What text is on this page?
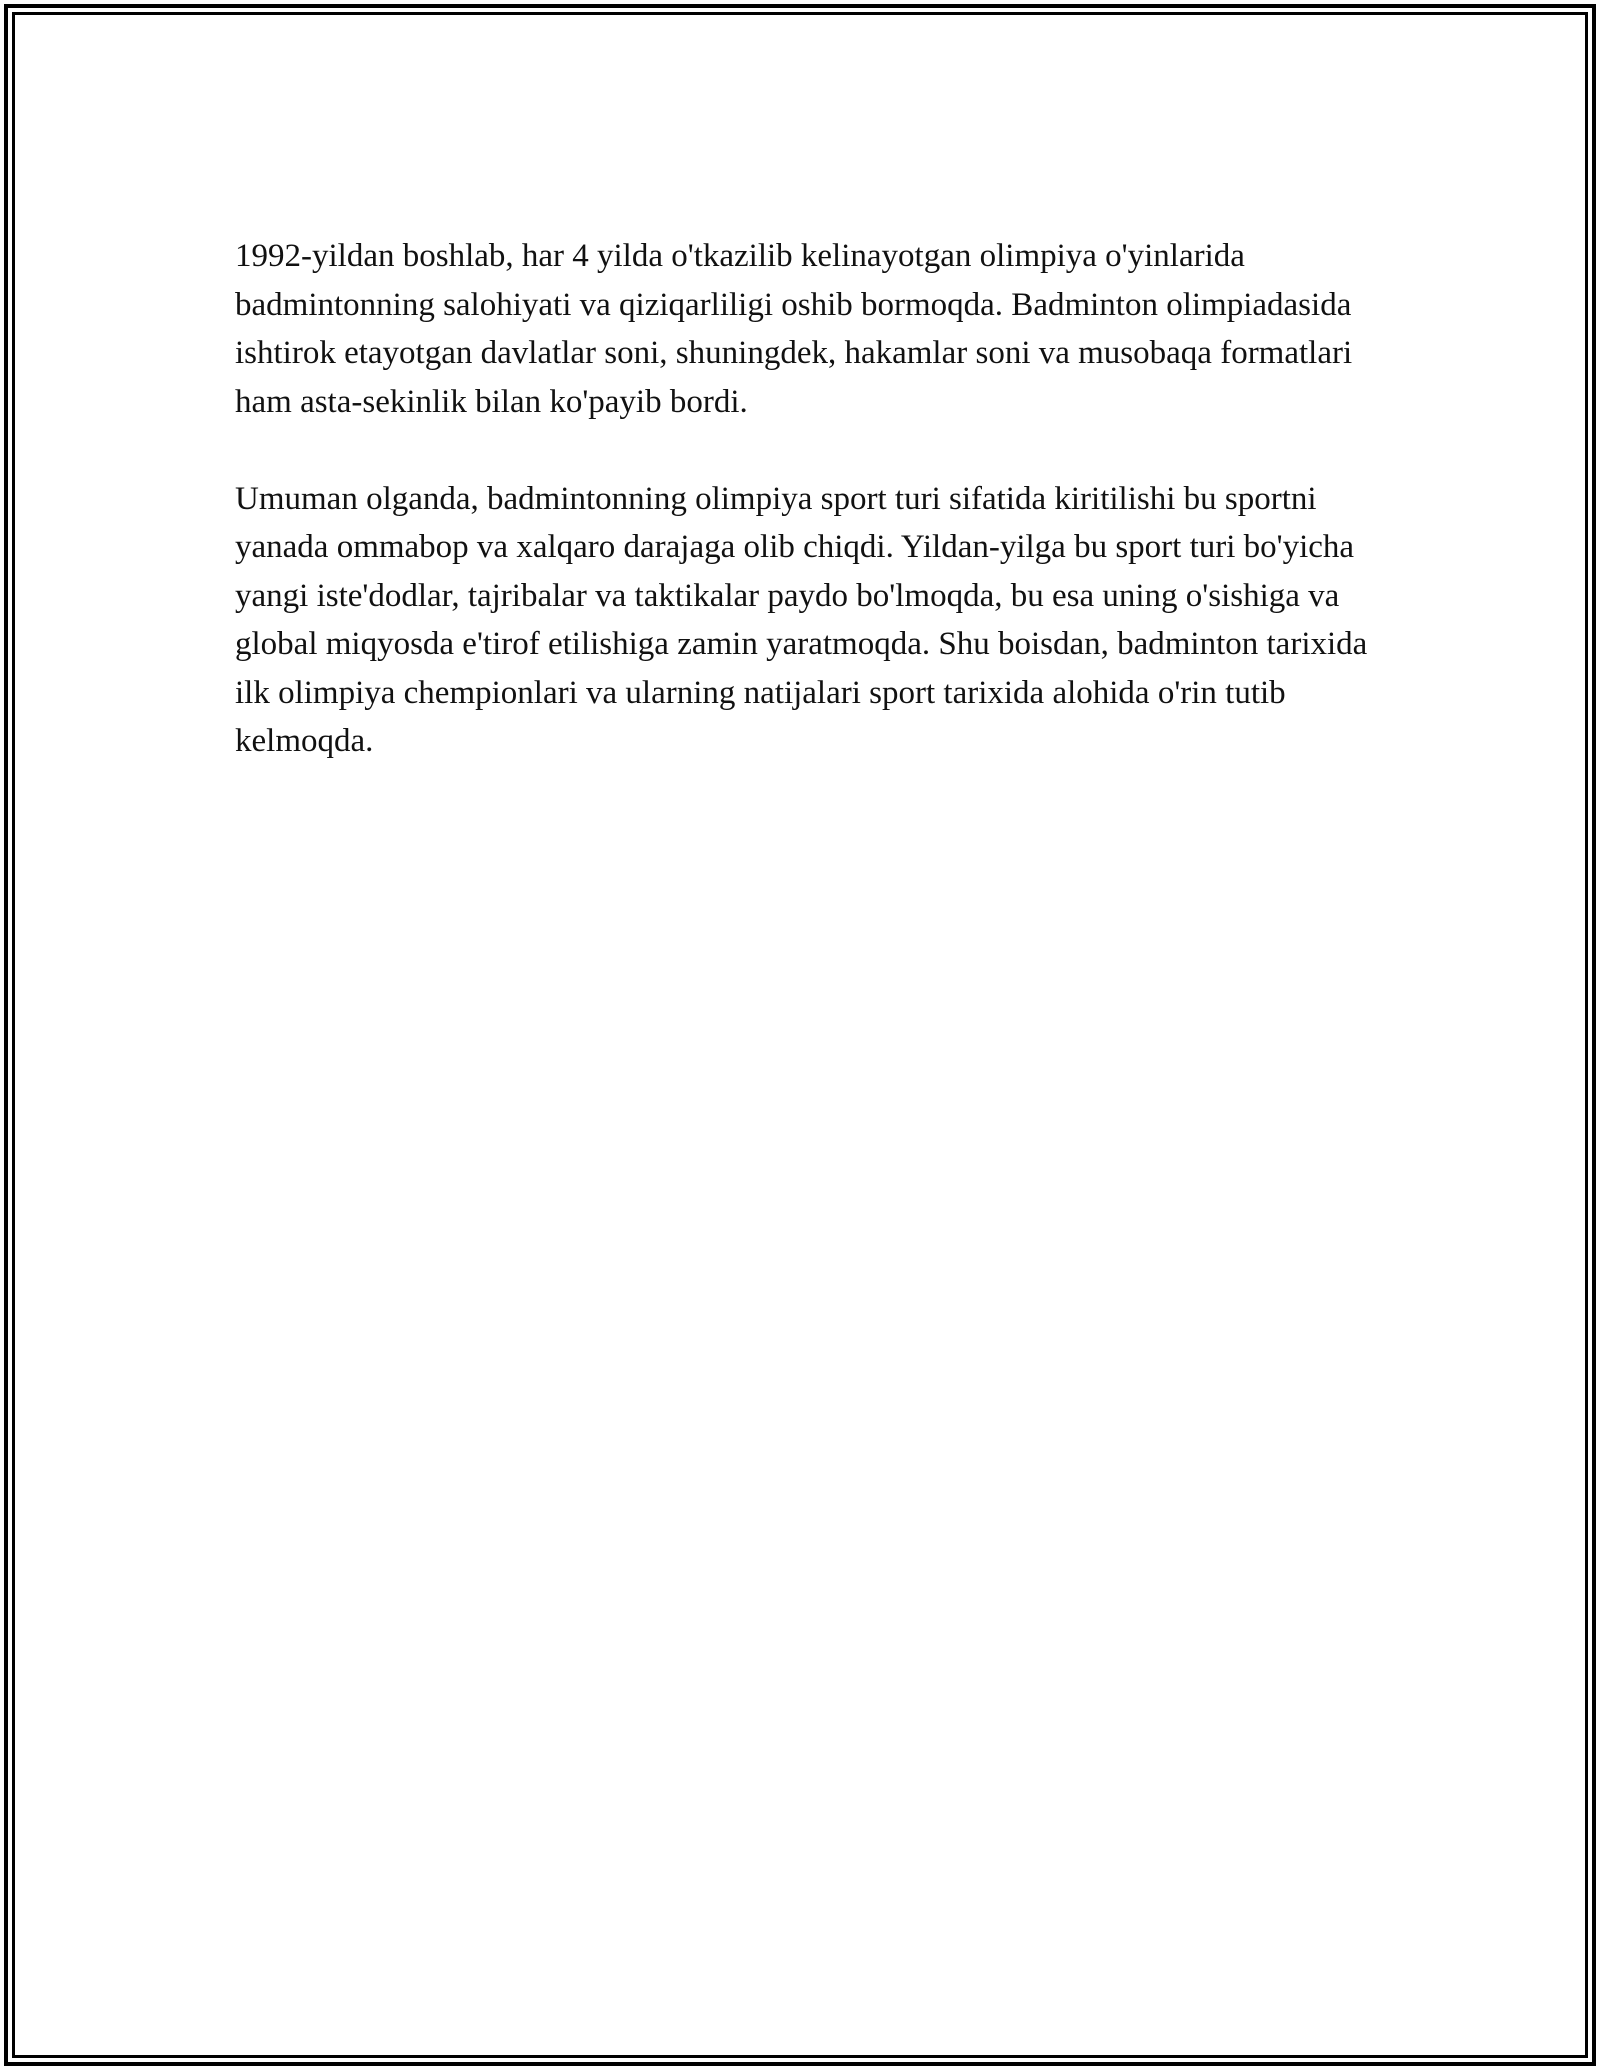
1992-yildan boshlab, har 4 yilda o'tkazilib kelinayotgan olimpiya o'yinlarida badmintonning salohiyati va qiziqarliligi oshib bormoqda. Badminton olimpiadasida ishtirok etayotgan davlatlar soni, shuningdek, hakamlar soni va musobaqa formatlari ham asta-sekinlik bilan ko'payib bordi.

Umuman olganda, badmintonning olimpiya sport turi sifatida kiritilishi bu sportni yanada ommabop va xalqaro darajaga olib chiqdi. Yildan-yilga bu sport turi bo'yicha yangi iste'dodlar, tajribalar va taktikalar paydo bo'lmoqda, bu esa uning o'sishiga va global miqyosda e'tirof etilishiga zamin yaratmoqda. Shu boisdan, badminton tarixida ilk olimpiya chempionlari va ularning natijalari sport tarixida alohida o'rin tutib kelmoqda.
